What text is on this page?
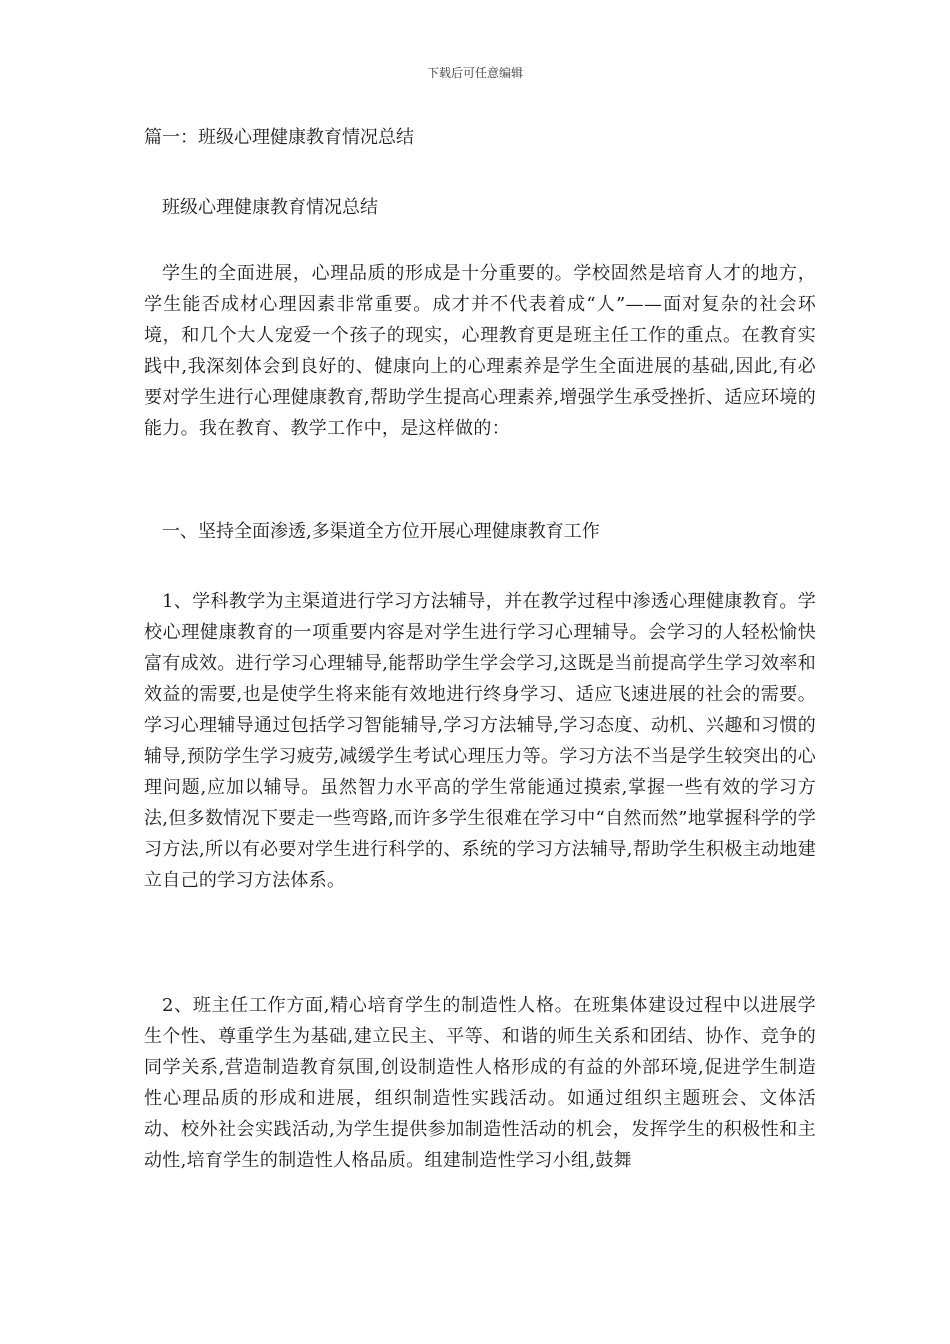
下载后可任意编辑
篇一：班级心理健康教育情况总结
班级心理健康教育情况总结

学生的全面进展，心理品质的形成是十分重要的。学校固然是培育人才的地方，学生能否成材心理因素非常重要。成才并不代表着成“人”——面对复杂的社会环境，和几个大人宠爱一个孩子的现实，心理教育更是班主任工作的重点。在教育实践中,我深刻体会到良好的、健康向上的心理素养是学生全面进展的基础,因此,有必要对学生进行心理健康教育,帮助学生提高心理素养,增强学生承受挫折、适应环境的能力。我在教育、教学工作中，是这样做的：

一、坚持全面渗透,多渠道全方位开展心理健康教育工作

1、学科教学为主渠道进行学习方法辅导，并在教学过程中渗透心理健康教育。学校心理健康教育的一项重要内容是对学生进行学习心理辅导。会学习的人轻松愉快富有成效。进行学习心理辅导,能帮助学生学会学习,这既是当前提高学生学习效率和效益的需要,也是使学生将来能有效地进行终身学习、适应飞速进展的社会的需要。学习心理辅导通过包括学习智能辅导,学习方法辅导,学习态度、动机、兴趣和习惯的辅导,预防学生学习疲劳,减缓学生考试心理压力等。学习方法不当是学生较突出的心理问题,应加以辅导。虽然智力水平高的学生常能通过摸索,掌握一些有效的学习方法,但多数情况下要走一些弯路,而许多学生很难在学习中“自然而然”地掌握科学的学习方法,所以有必要对学生进行科学的、系统的学习方法辅导,帮助学生积极主动地建立自己的学习方法体系。

2、班主任工作方面,精心培育学生的制造性人格。在班集体建设过程中以进展学生个性、尊重学生为基础,建立民主、平等、和谐的师生关系和团结、协作、竞争的同学关系,营造制造教育氛围,创设制造性人格形成的有益的外部环境,促进学生制造性心理品质的形成和进展，组织制造性实践活动。如通过组织主题班会、文体活动、校外社会实践活动,为学生提供参加制造性活动的机会，发挥学生的积极性和主动性,培育学生的制造性人格品质。组建制造性学习小组,鼓舞
